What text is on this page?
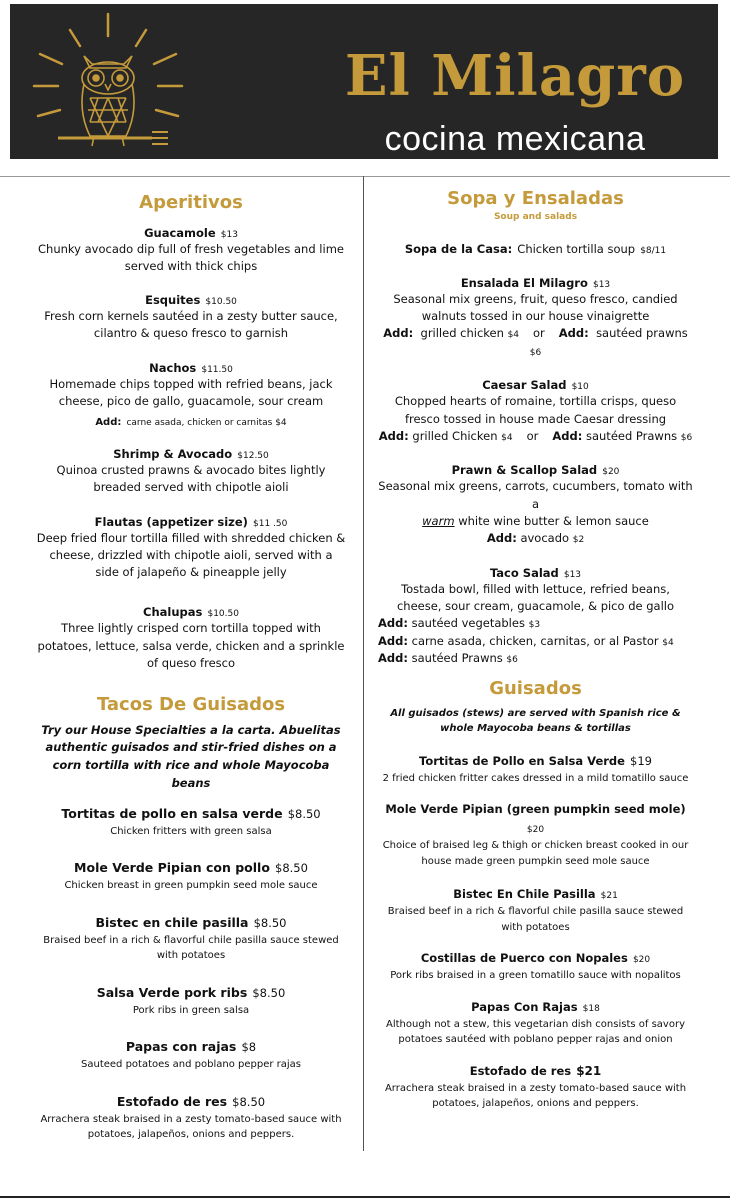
El Milagro
cocina mexicana
Aperitivos
Guacamole $13
Chunky avocado dip full of fresh vegetables and lime served with thick chips
Esquites $10.50
Fresh corn kernels sautéed in a zesty butter sauce, cilantro & queso fresco to garnish
Nachos $11.50
Homemade chips topped with refried beans, jack cheese, pico de gallo, guacamole, sour cream
Add: carne asada, chicken or carnitas $4
Shrimp & Avocado $12.50
Quinoa crusted prawns & avocado bites lightly breaded served with chipotle aioli
Flautas (appetizer size) $11 .50
Deep fried flour tortilla filled with shredded chicken & cheese, drizzled with chipotle aioli, served with a side of jalapeño & pineapple jelly
Chalupas $10.50
Three lightly crisped corn tortilla topped with potatoes, lettuce, salsa verde, chicken and a sprinkle of queso fresco
Tacos De Guisados
Try our House Specialties a la carta. Abuelitas authentic guisados and stir-fried dishes on a corn tortilla with rice and whole Mayocoba beans
Tortitas de pollo en salsa verde $8.50
Chicken fritters with green salsa
Mole Verde Pipian con pollo $8.50
Chicken breast in green pumpkin seed mole sauce
Bistec en chile pasilla $8.50
Braised beef in a rich & flavorful chile pasilla sauce stewed with potatoes
Salsa Verde pork ribs $8.50
Pork ribs in green salsa
Papas con rajas $8
Sauteed potatoes and poblano pepper rajas
Estofado de res $8.50
Arrachera steak braised in a zesty tomato-based sauce with potatoes, jalapeños, onions and peppers.
Sopa y Ensaladas
Soup and salads
Sopa de la Casa: Chicken tortilla soup $8/11
Ensalada El Milagro $13
Seasonal mix greens, fruit, queso fresco, candied walnuts tossed in our house vinaigrette
Add: grilled chicken $4 or Add: sautéed prawns $6
Caesar Salad $10
Chopped hearts of romaine, tortilla crisps, queso fresco tossed in house made Caesar dressing
Add: grilled Chicken $4 or Add: sautéed Prawns $6
Prawn & Scallop Salad $20
Seasonal mix greens, carrots, cucumbers, tomato with a
warm white wine butter & lemon sauce
Add: avocado $2
Taco Salad $13
Tostada bowl, filled with lettuce, refried beans, cheese, sour cream, guacamole, & pico de gallo
Add: sautéed vegetables $3
Add: carne asada, chicken, carnitas, or al Pastor $4
Add: sautéed Prawns $6
Guisados
All guisados (stews) are served with Spanish rice & whole Mayocoba beans & tortillas
Tortitas de Pollo en Salsa Verde $19
2 fried chicken fritter cakes dressed in a mild tomatillo sauce
Mole Verde Pipian (green pumpkin seed mole) $20
Choice of braised leg & thigh or chicken breast cooked in our house made green pumpkin seed mole sauce
Bistec En Chile Pasilla $21
Braised beef in a rich & flavorful chile pasilla sauce stewed with potatoes
Costillas de Puerco con Nopales $20
Pork ribs braised in a green tomatillo sauce with nopalitos
Papas Con Rajas $18
Although not a stew, this vegetarian dish consists of savory potatoes sautéed with poblano pepper rajas and onion
Estofado de res $21
Arrachera steak braised in a zesty tomato-based sauce with potatoes, jalapeños, onions and peppers.
